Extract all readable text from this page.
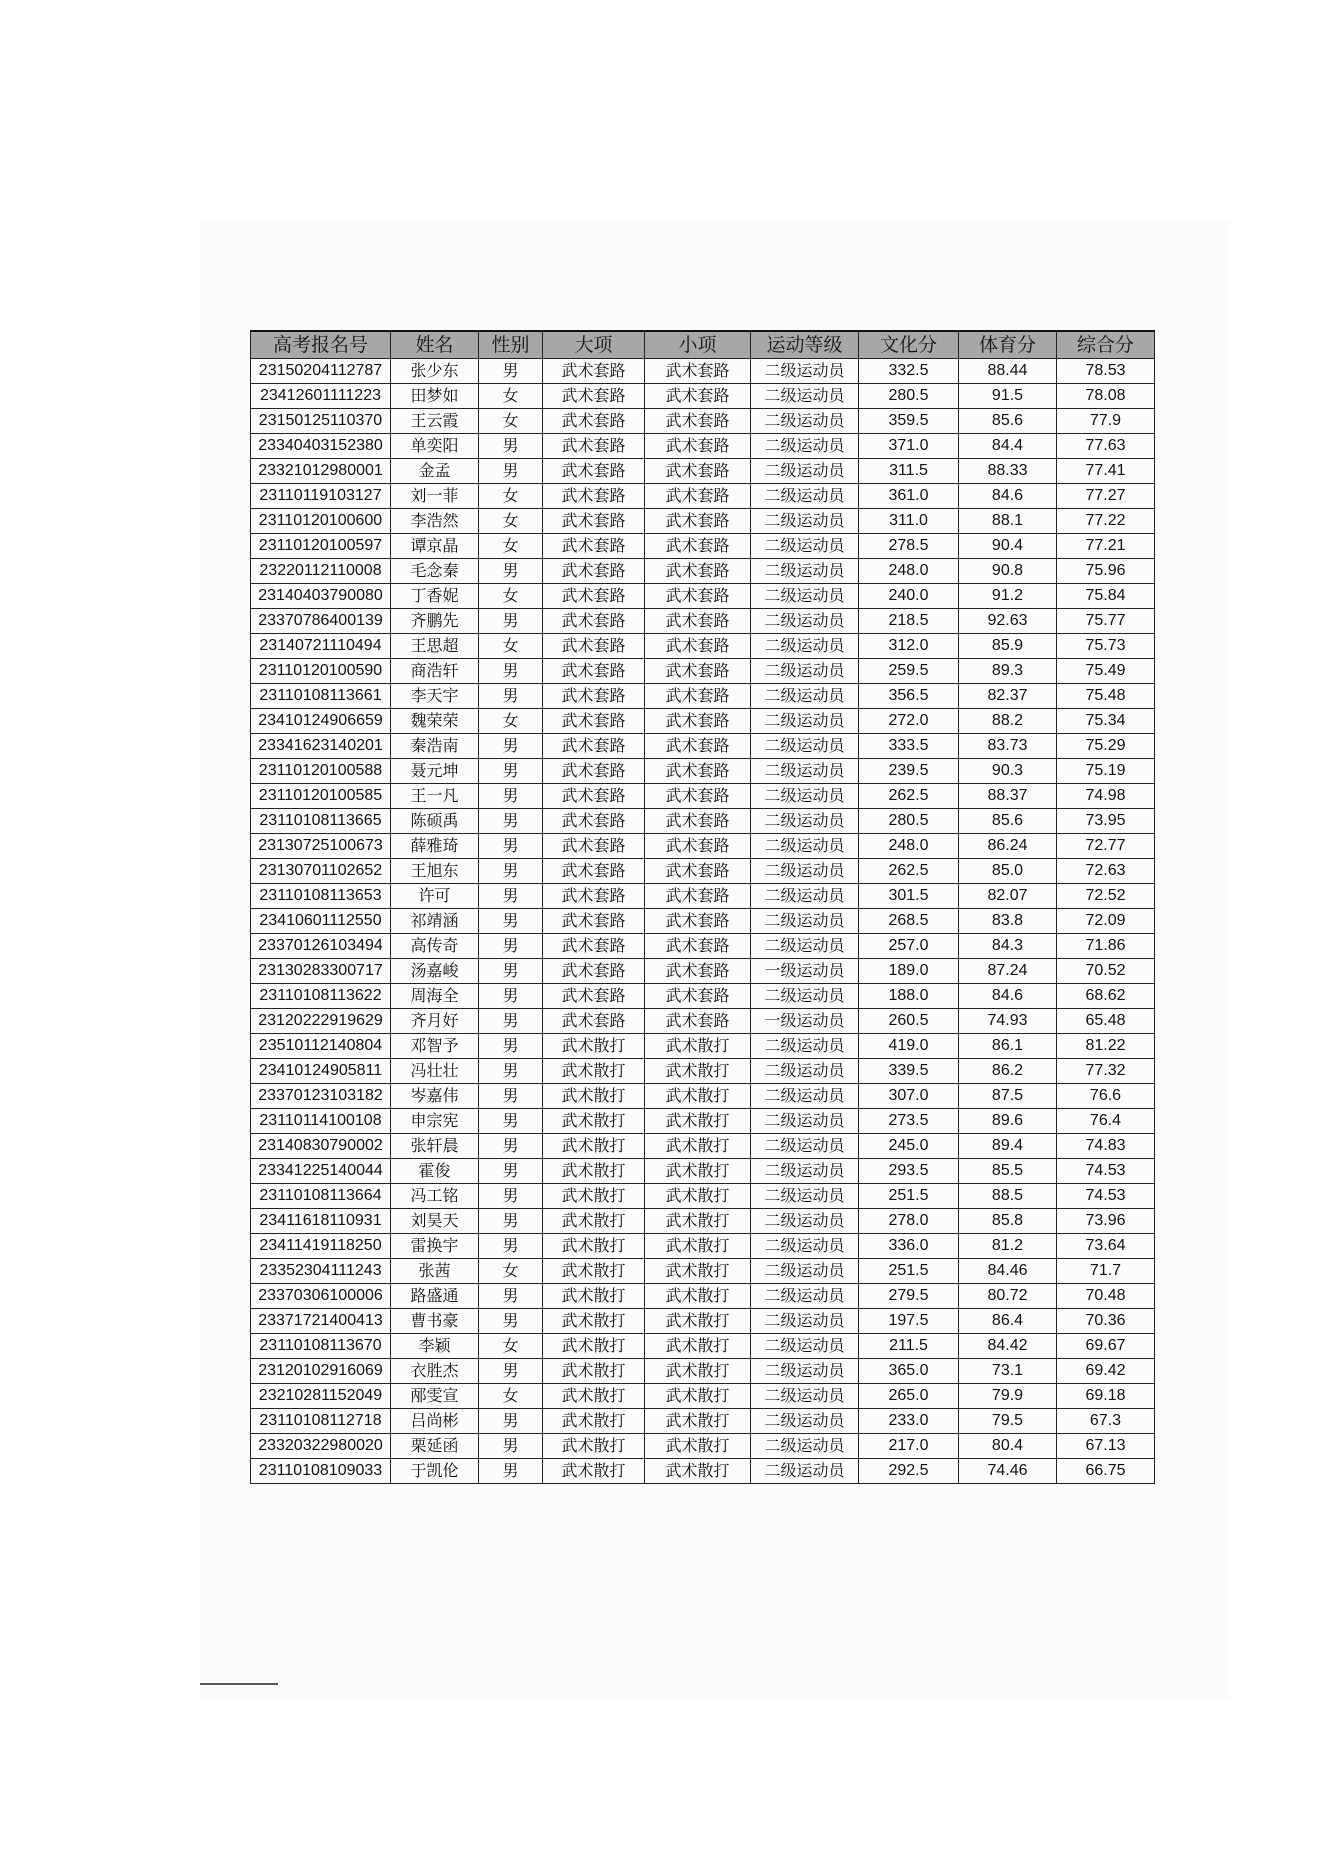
高考报名号	姓名	性别	大项	小项	运动等级	文化分	体育分	综合分
23150204112787	张少东	男	武术套路	武术套路	二级运动员	332.5	88.44	78.53
23412601111223	田梦如	女	武术套路	武术套路	二级运动员	280.5	91.5	78.08
23150125110370	王云霞	女	武术套路	武术套路	二级运动员	359.5	85.6	77.9
23340403152380	单奕阳	男	武术套路	武术套路	二级运动员	371.0	84.4	77.63
23321012980001	金孟	男	武术套路	武术套路	二级运动员	311.5	88.33	77.41
23110119103127	刘一菲	女	武术套路	武术套路	二级运动员	361.0	84.6	77.27
23110120100600	李浩然	女	武术套路	武术套路	二级运动员	311.0	88.1	77.22
23110120100597	谭京晶	女	武术套路	武术套路	二级运动员	278.5	90.4	77.21
23220112110008	毛念秦	男	武术套路	武术套路	二级运动员	248.0	90.8	75.96
23140403790080	丁香妮	女	武术套路	武术套路	二级运动员	240.0	91.2	75.84
23370786400139	齐鹏先	男	武术套路	武术套路	二级运动员	218.5	92.63	75.77
23140721110494	王思超	女	武术套路	武术套路	二级运动员	312.0	85.9	75.73
23110120100590	商浩轩	男	武术套路	武术套路	二级运动员	259.5	89.3	75.49
23110108113661	李天宇	男	武术套路	武术套路	二级运动员	356.5	82.37	75.48
23410124906659	魏荣荣	女	武术套路	武术套路	二级运动员	272.0	88.2	75.34
23341623140201	秦浩南	男	武术套路	武术套路	二级运动员	333.5	83.73	75.29
23110120100588	聂元坤	男	武术套路	武术套路	二级运动员	239.5	90.3	75.19
23110120100585	王一凡	男	武术套路	武术套路	二级运动员	262.5	88.37	74.98
23110108113665	陈硕禹	男	武术套路	武术套路	二级运动员	280.5	85.6	73.95
23130725100673	薛雅琦	男	武术套路	武术套路	二级运动员	248.0	86.24	72.77
23130701102652	王旭东	男	武术套路	武术套路	二级运动员	262.5	85.0	72.63
23110108113653	许可	男	武术套路	武术套路	二级运动员	301.5	82.07	72.52
23410601112550	祁靖涵	男	武术套路	武术套路	二级运动员	268.5	83.8	72.09
23370126103494	高传奇	男	武术套路	武术套路	二级运动员	257.0	84.3	71.86
23130283300717	汤嘉峻	男	武术套路	武术套路	一级运动员	189.0	87.24	70.52
23110108113622	周海全	男	武术套路	武术套路	二级运动员	188.0	84.6	68.62
23120222919629	齐月好	男	武术套路	武术套路	一级运动员	260.5	74.93	65.48
23510112140804	邓智予	男	武术散打	武术散打	二级运动员	419.0	86.1	81.22
23410124905811	冯壮壮	男	武术散打	武术散打	二级运动员	339.5	86.2	77.32
23370123103182	岑嘉伟	男	武术散打	武术散打	二级运动员	307.0	87.5	76.6
23110114100108	申宗宪	男	武术散打	武术散打	二级运动员	273.5	89.6	76.4
23140830790002	张轩晨	男	武术散打	武术散打	二级运动员	245.0	89.4	74.83
23341225140044	霍俊	男	武术散打	武术散打	二级运动员	293.5	85.5	74.53
23110108113664	冯工铭	男	武术散打	武术散打	二级运动员	251.5	88.5	74.53
23411618110931	刘昊天	男	武术散打	武术散打	二级运动员	278.0	85.8	73.96
23411419118250	雷换宇	男	武术散打	武术散打	二级运动员	336.0	81.2	73.64
23352304111243	张茜	女	武术散打	武术散打	二级运动员	251.5	84.46	71.7
23370306100006	路盛通	男	武术散打	武术散打	二级运动员	279.5	80.72	70.48
23371721400413	曹书豪	男	武术散打	武术散打	二级运动员	197.5	86.4	70.36
23110108113670	李颖	女	武术散打	武术散打	二级运动员	211.5	84.42	69.67
23120102916069	衣胜杰	男	武术散打	武术散打	二级运动员	365.0	73.1	69.42
23210281152049	邴雯宣	女	武术散打	武术散打	二级运动员	265.0	79.9	69.18
23110108112718	吕尚彬	男	武术散打	武术散打	二级运动员	233.0	79.5	67.3
23320322980020	栗延函	男	武术散打	武术散打	二级运动员	217.0	80.4	67.13
23110108109033	于凯伦	男	武术散打	武术散打	二级运动员	292.5	74.46	66.75
